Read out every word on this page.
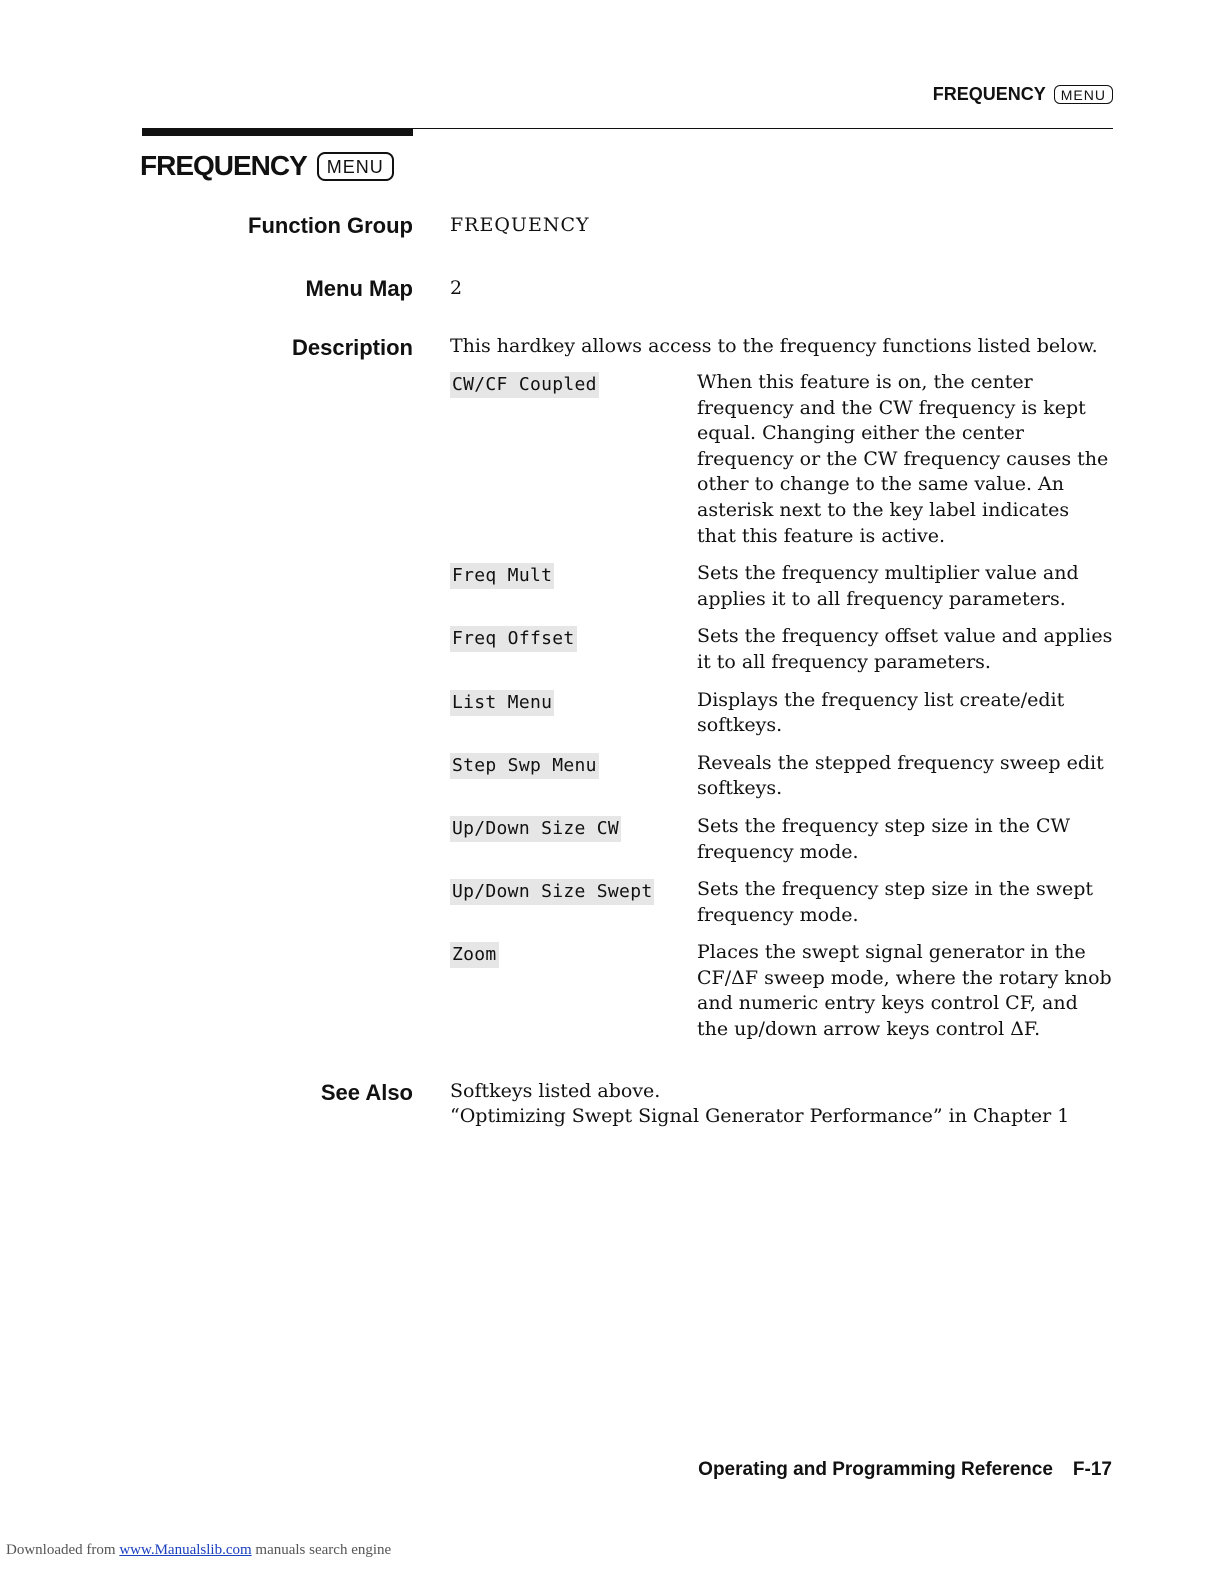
FREQUENCY	MENU
FREQUENCY	MENU
Function Group FREQUENCY
Menu Map 2
Description This hardkey allows access to the frequency functions listed below.
CW/CF Coupled	When this feature is on, the center frequency and the CW frequency is kept equal. Changing either the center frequency or the CW frequency causes the other to change to the same value. An asterisk next to the key label indicates that this feature is active.
Freq Mult	Sets the frequency multiplier value and applies it to all frequency parameters.
Freq Offset	Sets the frequency offset value and applies it to all frequency parameters.
List Menu	Displays the frequency list create/edit softkeys.
Step Swp Menu	Reveals the stepped frequency sweep edit softkeys.
Up/Down Size CW	Sets the frequency step size in the CW frequency mode.
Up/Down Size Swept	Sets the frequency step size in the swept frequency mode.
Zoom	Places the swept signal generator in the CF/ΔF sweep mode, where the rotary knob and numeric entry keys control CF, and the up/down arrow keys control ΔF.
See Also Softkeys listed above.
“Optimizing Swept Signal Generator Performance” in Chapter 1
Operating and Programming Reference F-17
Downloaded from www.Manualslib.com manuals search engine
